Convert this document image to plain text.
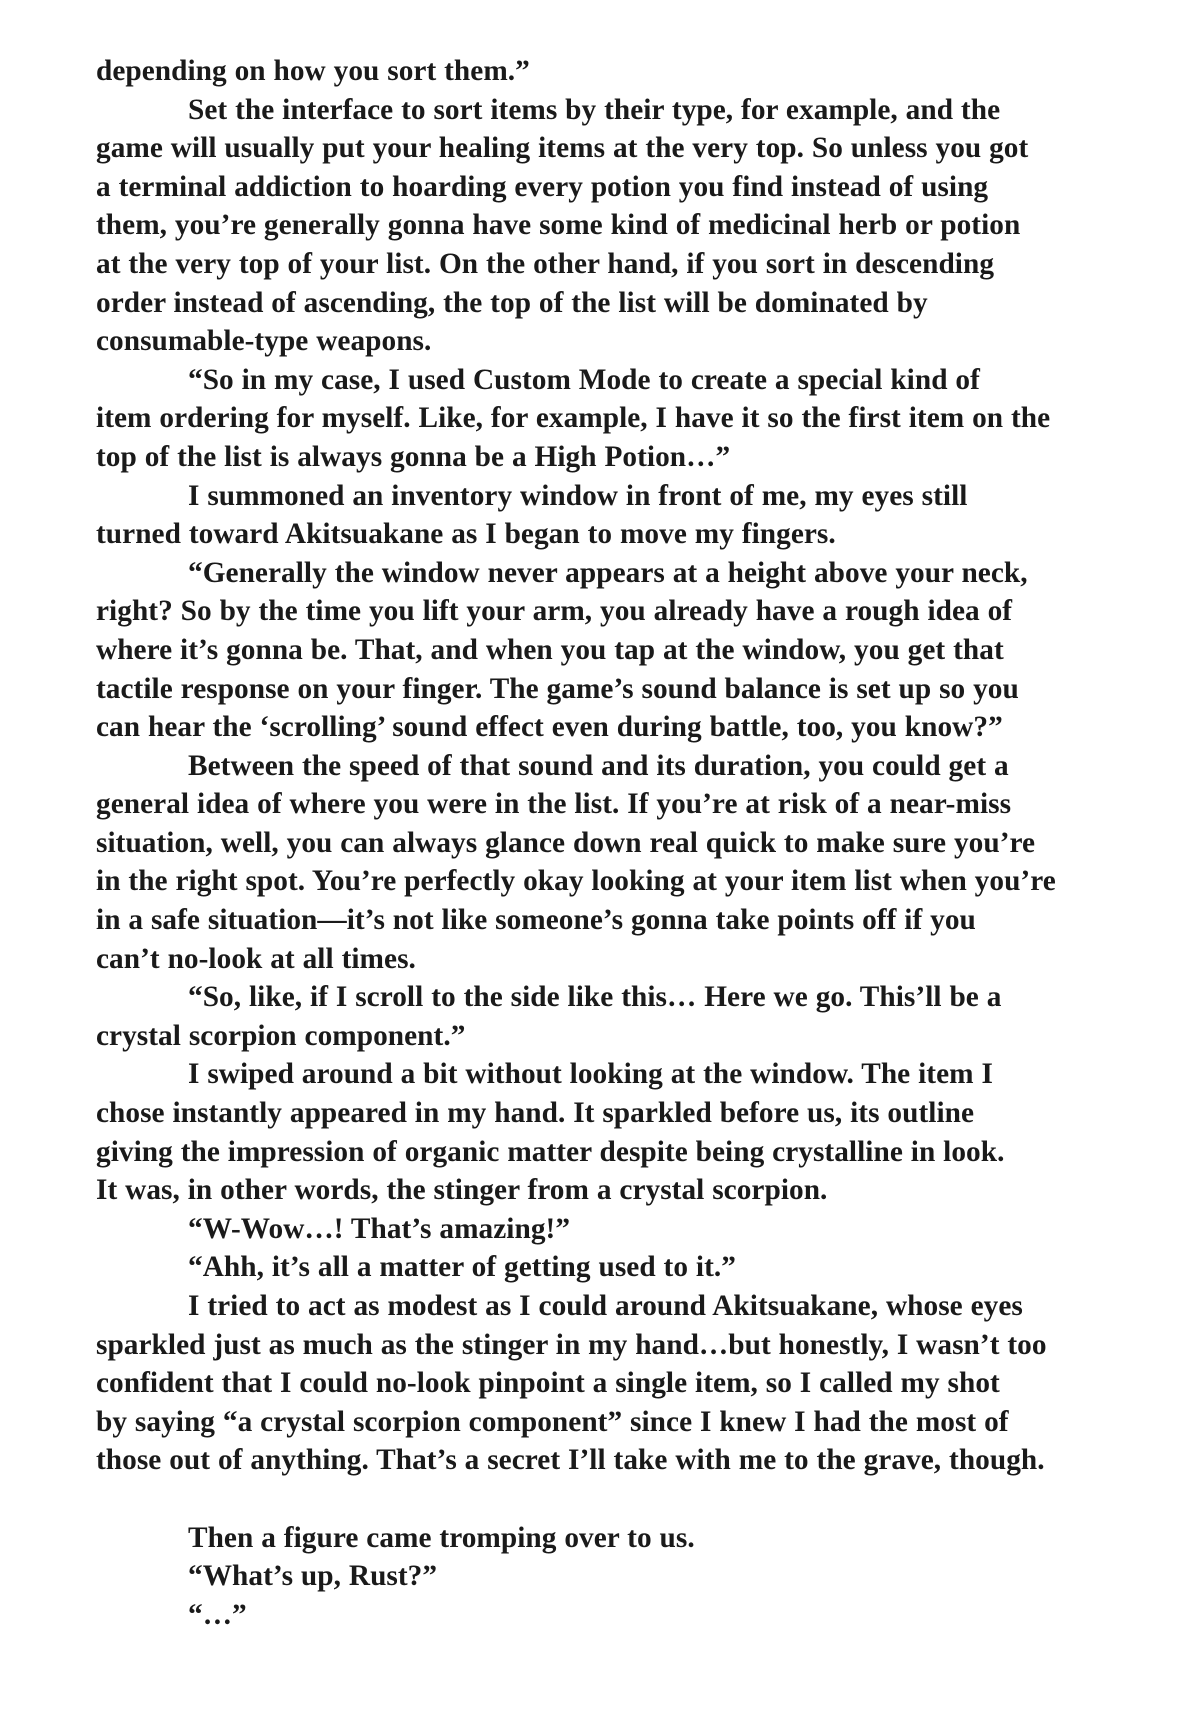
depending on how you sort them.”

Set the interface to sort items by their type, for example, and the
game will usually put your healing items at the very top. So unless you got
a terminal addiction to hoarding every potion you find instead of using
them, you’re generally gonna have some kind of medicinal herb or potion
at the very top of your list. On the other hand, if you sort in descending
order instead of ascending, the top of the list will be dominated by
consumable-type weapons.

“So in my case, I used Custom Mode to create a special kind of
item ordering for myself. Like, for example, I have it so the first item on the
top of the list is always gonna be a High Potion…”

I summoned an inventory window in front of me, my eyes still
turned toward Akitsuakane as I began to move my fingers.

“Generally the window never appears at a height above your neck,
right? So by the time you lift your arm, you already have a rough idea of
where it’s gonna be. That, and when you tap at the window, you get that
tactile response on your finger. The game’s sound balance is set up so you
can hear the ‘scrolling’ sound effect even during battle, too, you know?”

Between the speed of that sound and its duration, you could get a
general idea of where you were in the list. If you’re at risk of a near-miss
situation, well, you can always glance down real quick to make sure you’re
in the right spot. You’re perfectly okay looking at your item list when you’re
in a safe situation—it’s not like someone’s gonna take points off if you
can’t no-look at all times.

“So, like, if I scroll to the side like this… Here we go. This’ll be a
crystal scorpion component.”

I swiped around a bit without looking at the window. The item I
chose instantly appeared in my hand. It sparkled before us, its outline
giving the impression of organic matter despite being crystalline in look.
It was, in other words, the stinger from a crystal scorpion.

“W-Wow…! That’s amazing!”

“Ahh, it’s all a matter of getting used to it.”

I tried to act as modest as I could around Akitsuakane, whose eyes
sparkled just as much as the stinger in my hand…but honestly, I wasn’t too
confident that I could no-look pinpoint a single item, so I called my shot
by saying “a crystal scorpion component” since I knew I had the most of
those out of anything. That’s a secret I’ll take with me to the grave, though.

Then a figure came tromping over to us.

“What’s up, Rust?”

“…”
